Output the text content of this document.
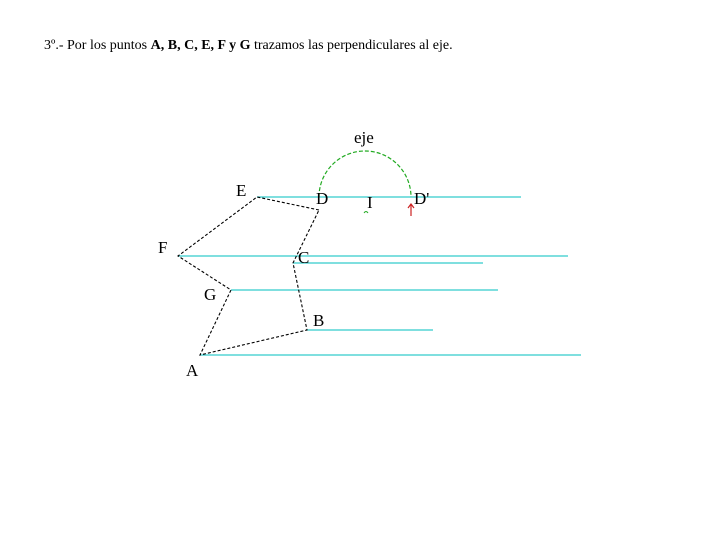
3º.- Por los puntos A, B, C, E, F y G trazamos las perpendiculares al eje.
eje
E	D I D'
F
C
G
B
A
